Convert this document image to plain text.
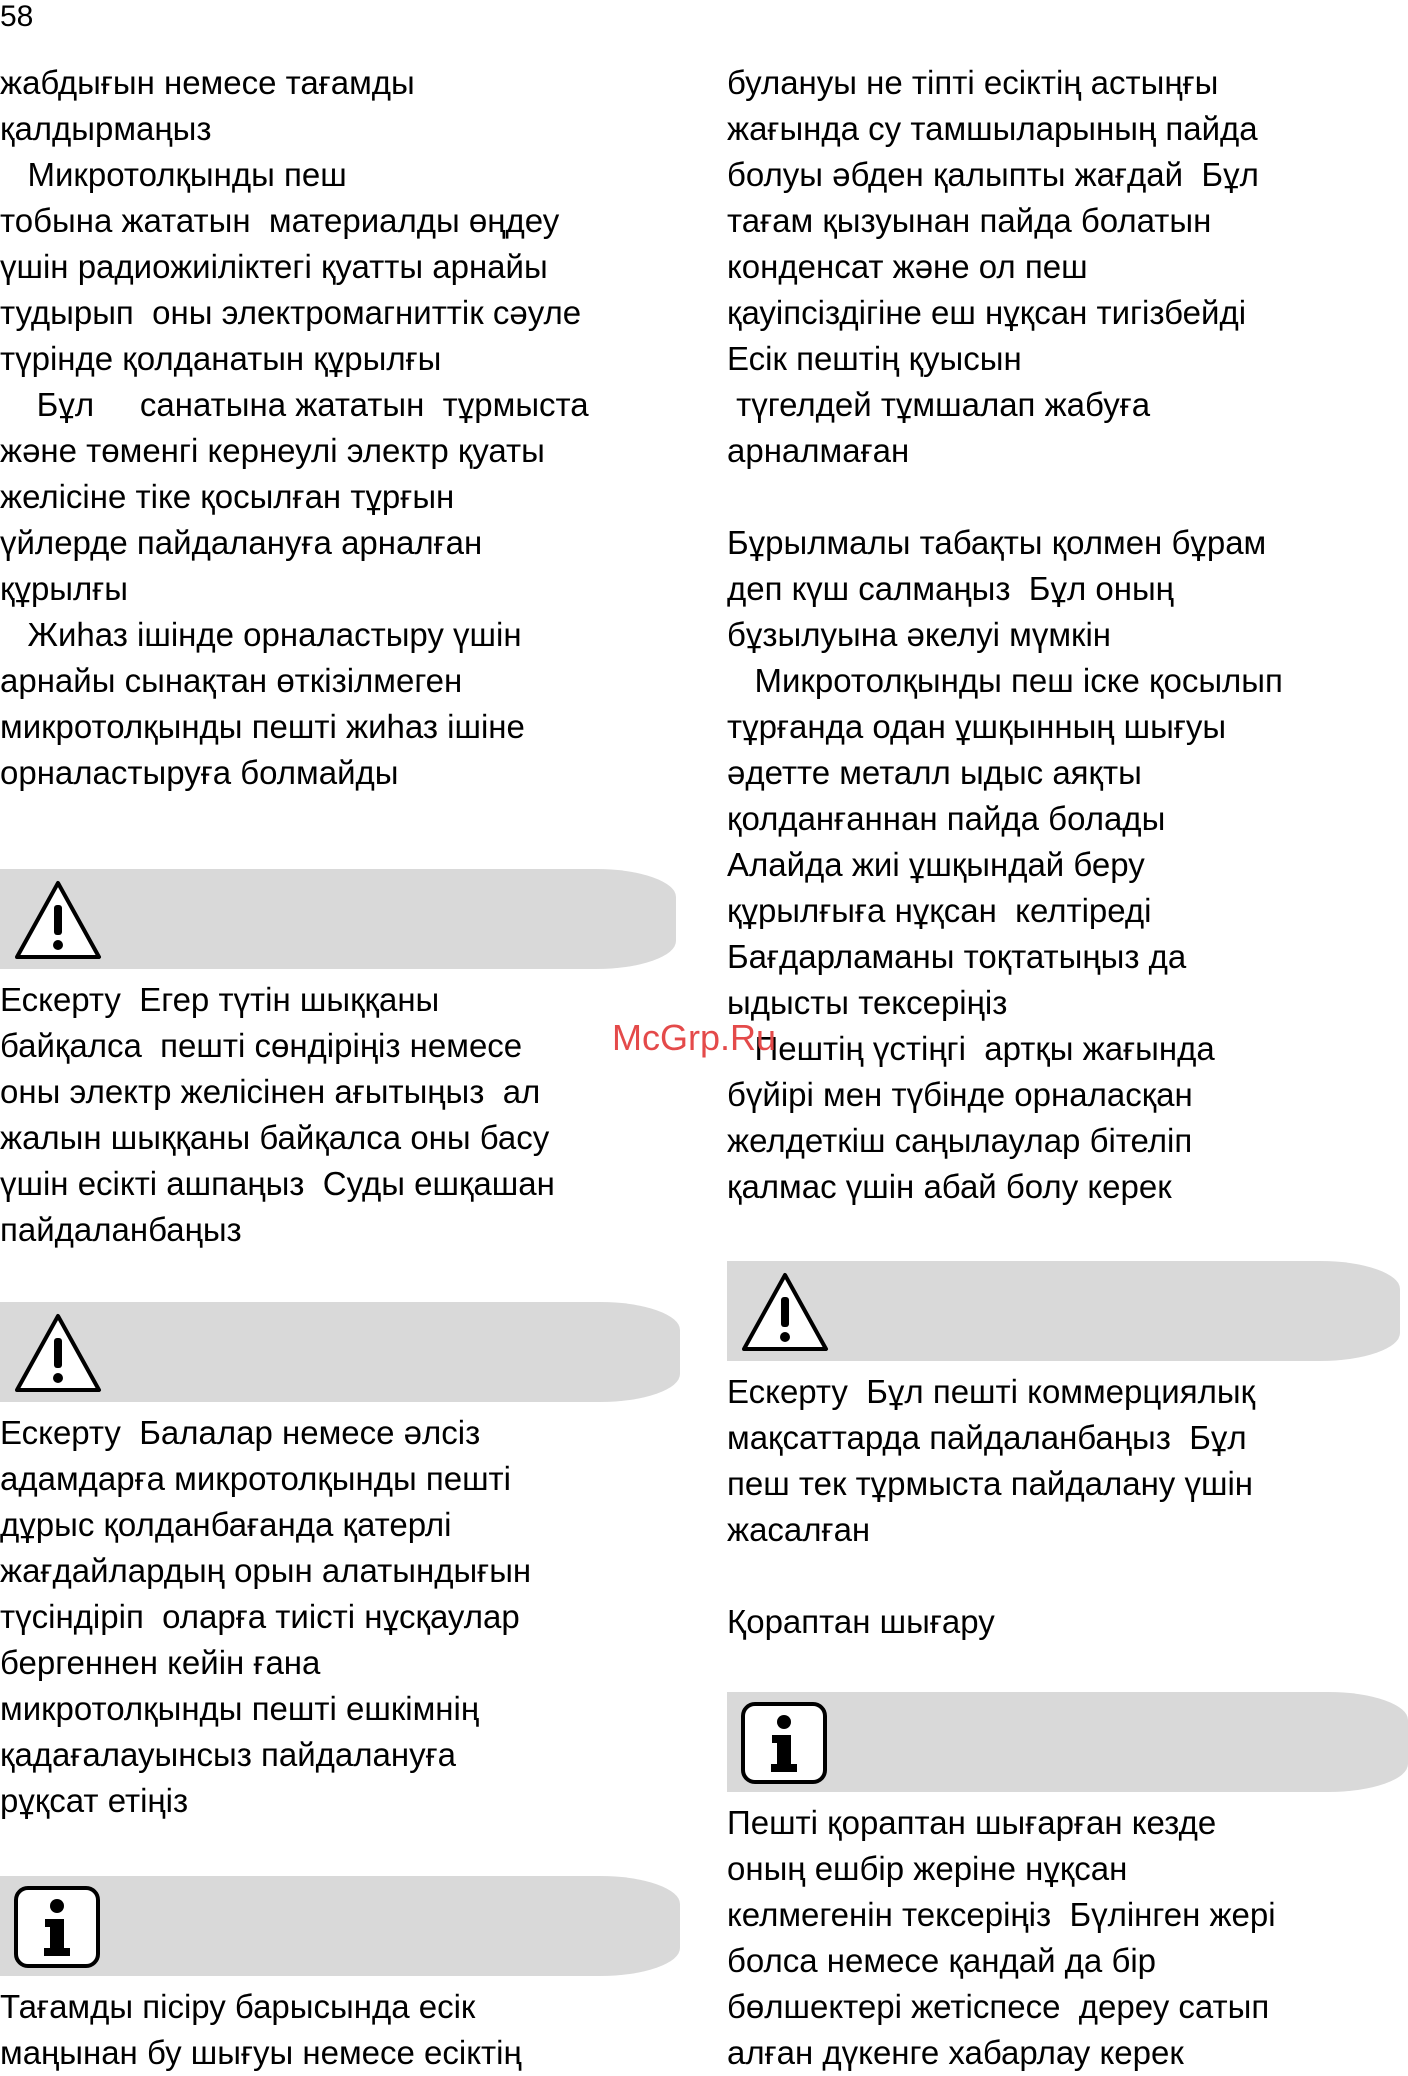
58
жабдығын немесе тағамды
қалдырмаңыз
Микротолқынды пеш
тобына жататын  материалды өңдеу
үшін радиожиіліктегі қуатты арнайы
тудырып  оны электромагниттік сәуле
түрінде қолданатын құрылғы
Бұл     санатына жататын  тұрмыста
және төменгі кернеулі электр қуаты
желісіне тіке қосылған тұрғын
үйлерде пайдалануға арналған
құрылғы
Жиһаз ішінде орналастыру үшін
арнайы сынақтан өткізілмеген
микротолқынды пешті жиһаз ішіне
орналастыруға болмайды
Ескерту  Егер түтін шыққаны
байқалса  пешті сөндіріңіз немесе
оны электр желісінен ағытыңыз  ал
жалын шыққаны байқалса оны басу
үшін есікті ашпаңыз  Суды ешқашан
пайдаланбаңыз
Ескерту  Балалар немесе әлсіз
адамдарға микротолқынды пешті
дұрыс қолданбағанда қатерлі
жағдайлардың орын алатындығын
түсіндіріп  оларға тиісті нұсқаулар
бергеннен кейін ғана
микротолқынды пешті ешкімнің
қадағалауынсыз пайдалануға
рұқсат етіңіз
Тағамды пісіру барысында есік
маңынан бу шығуы немесе есіктің
булануы не тіпті есіктің астыңғы
жағында су тамшыларының пайда
болуы әбден қалыпты жағдай  Бұл
тағам қызуынан пайда болатын
конденсат және ол пеш
қауіпсіздігіне еш нұқсан тигізбейді
Есік пештің қуысын
түгелдей тұмшалап жабуға
арналмаған
Бұрылмалы табақты қолмен бұрам
деп күш салмаңыз  Бұл оның
бұзылуына әкелуі мүмкін
Микротолқынды пеш іске қосылып
тұрғанда одан ұшқынның шығуы
әдетте металл ыдыс аяқты
қолданғаннан пайда болады
Алайда жиі ұшқындай беру
құрылғыға нұқсан  келтіреді
Бағдарламаны тоқтатыңыз да
ыдысты тексеріңіз
Пештің үстіңгі  артқы жағында
бүйірі мен түбінде орналасқан
желдеткіш саңылаулар бітеліп
қалмас үшін абай болу керек
Ескерту  Бұл пешті коммерциялық
мақсаттарда пайдаланбаңыз  Бұл
пеш тек тұрмыста пайдалану үшін
жасалған
Қораптан шығару
Пешті қораптан шығарған кезде
оның ешбір жеріне нұқсан
келмегенін тексеріңіз  Бүлінген жері
болса немесе қандай да бір
бөлшектері жетіспесе  дереу сатып
алған дүкенге хабарлау керек
McGrp.Ru
